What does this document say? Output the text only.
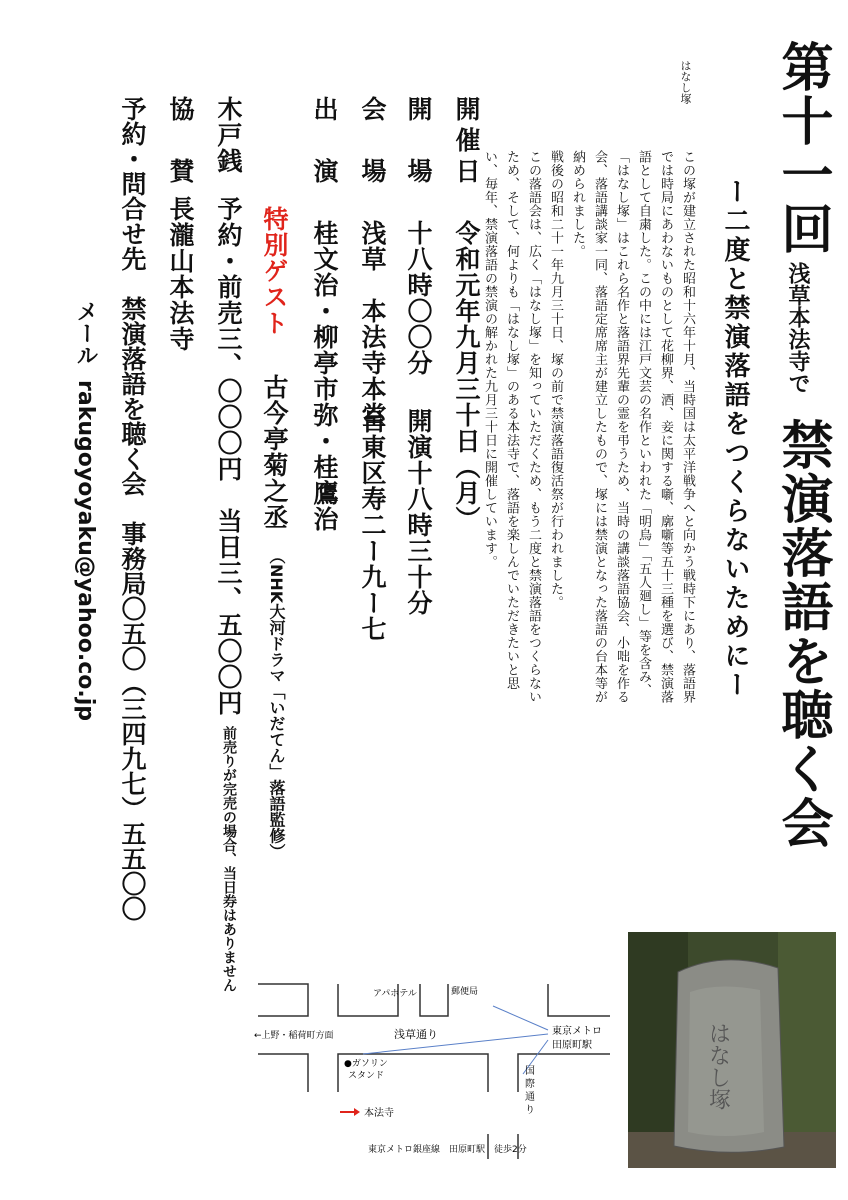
第十一回
浅草本法寺で
禁演落語を聴く会
ー二度と禁演落語をつくらないためにー
はなし塚
この塚が建立された昭和十六年十月、当時国は太平洋戦争へと向かう戦時下にあり、落語界では時局にあわないものとして花柳界、酒、妾に関する噺、廓噺等五十三種を選び、禁演落語として自粛した。この中には江戸文芸の名作といわれた「明烏」「五人廻し」等を含み、「はなし塚」はこれら名作と落語界先輩の霊を弔うため、当時の講談落語協会、小咄を作る会、落語講談家一同、落語定席席主が建立したもので、塚には禁演となった落語の台本等が納められました。
戦後の昭和二十一年九月三十日、塚の前で禁演落語復活祭が行われました。
この落語会は、広く「はなし塚」を知っていただくため、もう二度と禁演落語をつくらないため、そして、何よりも「はなし塚」のある本法寺で、落語を楽しんでいただきたいと思い、毎年、禁演落語の禁演の解かれた九月三十日に開催しています。
開催日
令和元年九月三十日（月）
開　場
十八時〇〇分
開演十八時三十分
会　場
浅草　本法寺本堂
台東区寿二ー九ー七
出　演
桂文治・柳亭市弥・桂鷹治
特別ゲスト
古今亭菊之丞
（NHK大河ドラマ「いだてん」落語監修）
木戸銭
予約・前売三、〇〇〇円　当日三、五〇〇円
前売りが完売の場合、当日券はありません
協　賛
長瀧山本法寺
予約・問合せ先
禁演落語を聴く会　事務局〇五〇（三四九七）五五〇〇
メール
rakugoyoyaku@yahoo.co.jp
アパホテル	郵便局
←上野・稲荷町方面	浅草通り	東京メトロ
田原町駅
●ガソリン
スタンド	国
際
通
り
本法寺
東京メトロ銀座線　田原町駅　徒歩2分
はなし塚
